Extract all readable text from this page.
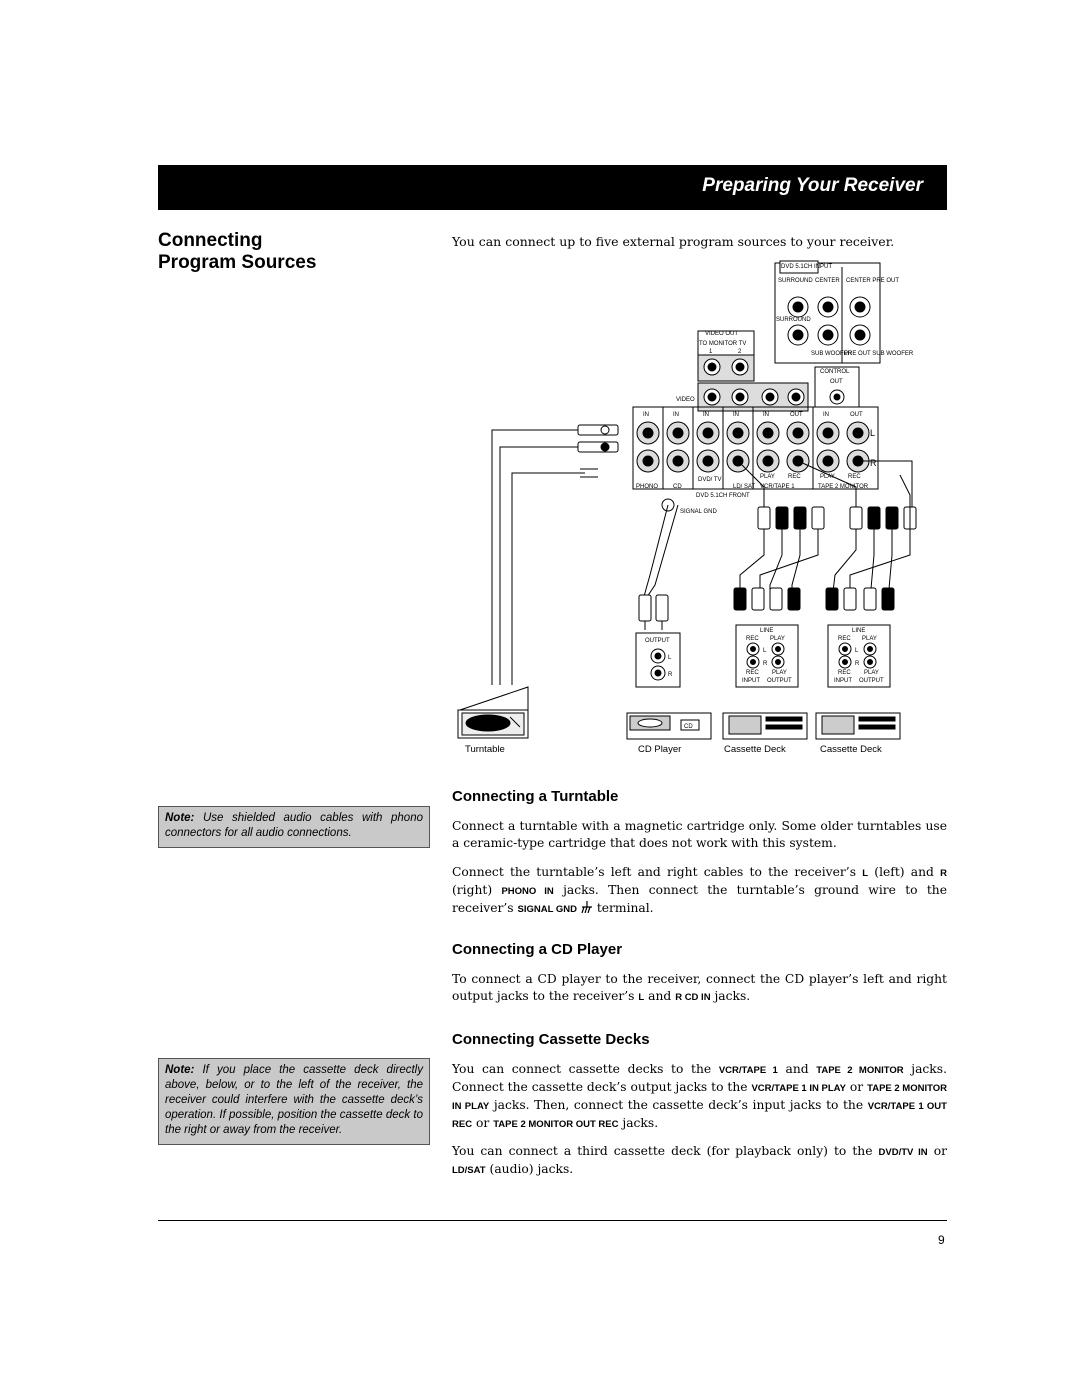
Preparing Your Receiver
Connecting
Program Sources
You can connect up to five external program sources to your receiver.
DVD 5.1CH INPUT
SURROUND CENTER CENTER PRE OUT
SURROUND
SUB WOOFER
PRE OUT SUB WOOFER
VIDEO OUT
TO MONITOR TV
1	2
CONTROL
OUT
VIDEO
IN	IN	IN	IN	IN	OUT	IN	OUT
L
R
PHONO CD
DVD/ TV
LD/ SAT VCR/TAPE 1	TAPE 2 MONITOR
DVD 5.1CH FRONT
SIGNAL GND
PLAY REC	PLAY REC
OUTPUT
L
R
LINE
REC PLAY
L
R
REC PLAY
INPUT OUTPUT
LINE
REC PLAY
L
R
REC PLAY
INPUT OUTPUT
CD
Turntable	CD Player	Cassette Deck	Cassette Deck
Connecting a Turntable
Connect a turntable with a magnetic cartridge only. Some older turntables use a ceramic-type cartridge that does not work with this system.
Connect the turntable’s left and right cables to the receiver’s L (left) and R (right) PHONO IN jacks. Then connect the turntable’s ground wire to the receiver’s SIGNAL GND terminal.
Connecting a CD Player
To connect a CD player to the receiver, connect the CD player’s left and right output jacks to the receiver’s L and R CD IN jacks.
Connecting Cassette Decks
You can connect cassette decks to the VCR/TAPE 1 and TAPE 2 MONITOR jacks. Connect the cassette deck’s output jacks to the VCR/TAPE 1 IN PLAY or TAPE 2 MONITOR IN PLAY jacks. Then, connect the cassette deck’s input jacks to the VCR/TAPE 1 OUT REC or TAPE 2 MONITOR OUT REC jacks.
You can connect a third cassette deck (for playback only) to the DVD/TV IN or LD/SAT (audio) jacks.
Note: Use shielded audio cables with phono connectors for all audio connections.
Note: If you place the cassette deck directly above, below, or to the left of the receiver, the receiver could interfere with the cassette deck’s operation. If possible, position the cassette deck to the right or away from the receiver.
9
